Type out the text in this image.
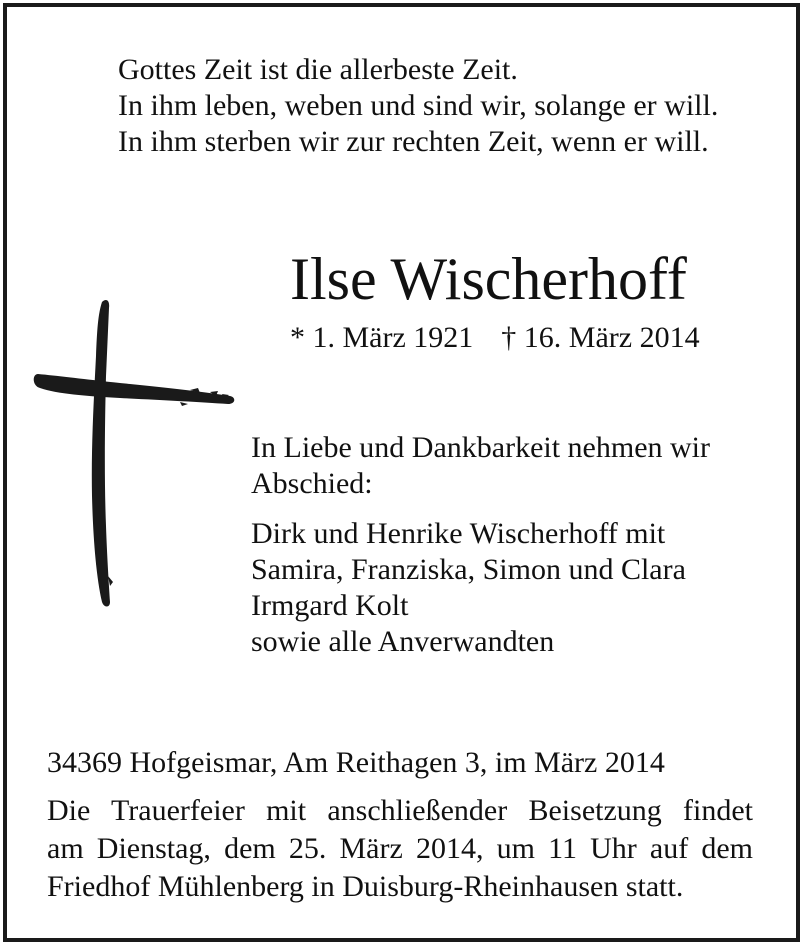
Gottes Zeit ist die allerbeste Zeit.
In ihm leben, weben und sind wir, solange er will.
In ihm sterben wir zur rechten Zeit, wenn er will.
Ilse Wischerhoff
* 1. März 1921 † 16. März 2014
In Liebe und Dankbarkeit nehmen wir
Abschied:
Dirk und Henrike Wischerhoff mit
Samira, Franziska, Simon und Clara
Irmgard Kolt
sowie alle Anverwandten
34369 Hofgeismar, Am Reithagen 3, im März 2014
Die Trauerfeier mit anschließender Beisetzung findet
am Dienstag, dem 25. März 2014, um 11 Uhr auf dem
Friedhof Mühlenberg in Duisburg-Rheinhausen statt.
